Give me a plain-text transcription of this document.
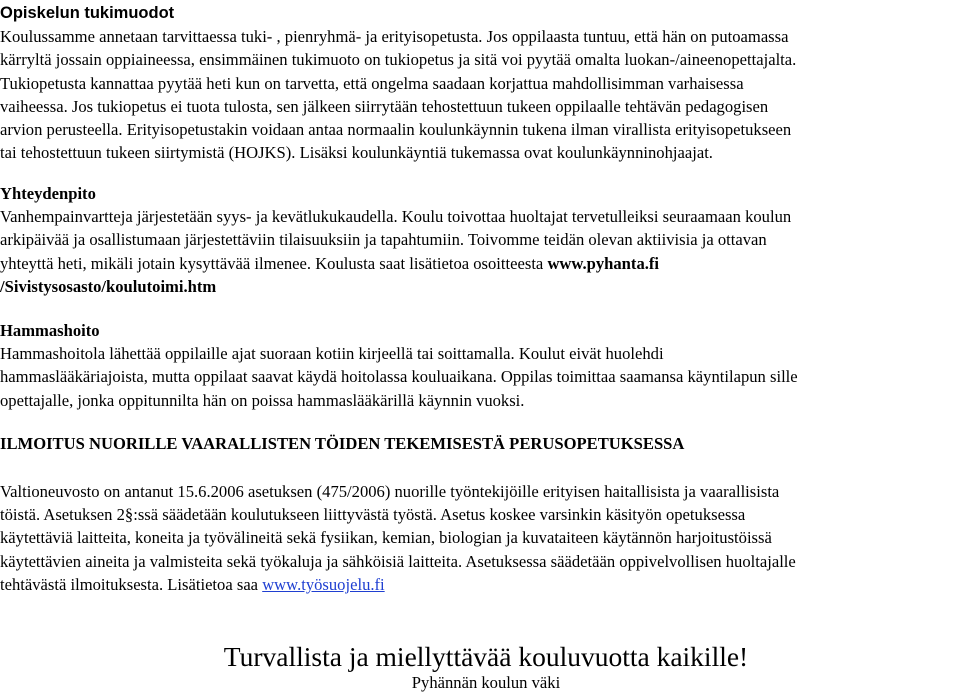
Opiskelun tukimuodot
Koulussamme annetaan tarvittaessa tuki- , pienryhmä- ja erityisopetusta. Jos oppilaasta tuntuu, että hän on putoamassa
kärryltä jossain oppiaineessa, ensimmäinen tukimuoto on tukiopetus ja sitä voi pyytää omalta luokan-/aineenopettajalta.
Tukiopetusta kannattaa pyytää heti kun on tarvetta, että ongelma saadaan korjattua mahdollisimman varhaisessa
vaiheessa. Jos tukiopetus ei tuota tulosta, sen jälkeen siirrytään tehostettuun tukeen oppilaalle tehtävän pedagogisen
arvion perusteella. Erityisopetustakin voidaan antaa normaalin koulunkäynnin tukena ilman virallista erityisopetukseen
tai tehostettuun tukeen siirtymistä (HOJKS). Lisäksi koulunkäyntiä tukemassa ovat koulunkäynninohjaajat.
Yhteydenpito
Vanhempainvartteja järjestetään syys- ja kevätlukukaudella. Koulu toivottaa huoltajat tervetulleiksi seuraamaan koulun
arkipäivää ja osallistumaan järjestettäviin tilaisuuksiin ja tapahtumiin. Toivomme teidän olevan aktiivisia ja ottavan
yhteyttä heti, mikäli jotain kysyttävää ilmenee. Koulusta saat lisätietoa osoitteesta www.pyhanta.fi
/Sivistysosasto/koulutoimi.htm
Hammashoito
Hammashoitola lähettää oppilaille ajat suoraan kotiin kirjeellä tai soittamalla. Koulut eivät huolehdi
hammaslääkäriajoista, mutta oppilaat saavat käydä hoitolassa kouluaikana. Oppilas toimittaa saamansa käyntilapun sille
opettajalle, jonka oppitunnilta hän on poissa hammaslääkärillä käynnin vuoksi.
ILMOITUS NUORILLE VAARALLISTEN TÖIDEN TEKEMISESTÄ PERUSOPETUKSESSA
Valtioneuvosto on antanut 15.6.2006 asetuksen (475/2006) nuorille työntekijöille erityisen haitallisista ja vaarallisista
töistä. Asetuksen 2§:ssä säädetään koulutukseen liittyvästä työstä. Asetus koskee varsinkin käsityön opetuksessa
käytettäviä laitteita, koneita ja työvälineitä sekä fysiikan, kemian, biologian ja kuvataiteen käytännön harjoitustöissä
käytettävien aineita ja valmisteita sekä työkaluja ja sähköisiä laitteita. Asetuksessa säädetään oppivelvollisen huoltajalle
tehtävästä ilmoituksesta. Lisätietoa saa www.työsuojelu.fi
Turvallista ja miellyttävää kouluvuotta kaikille!
Pyhännän koulun väki
